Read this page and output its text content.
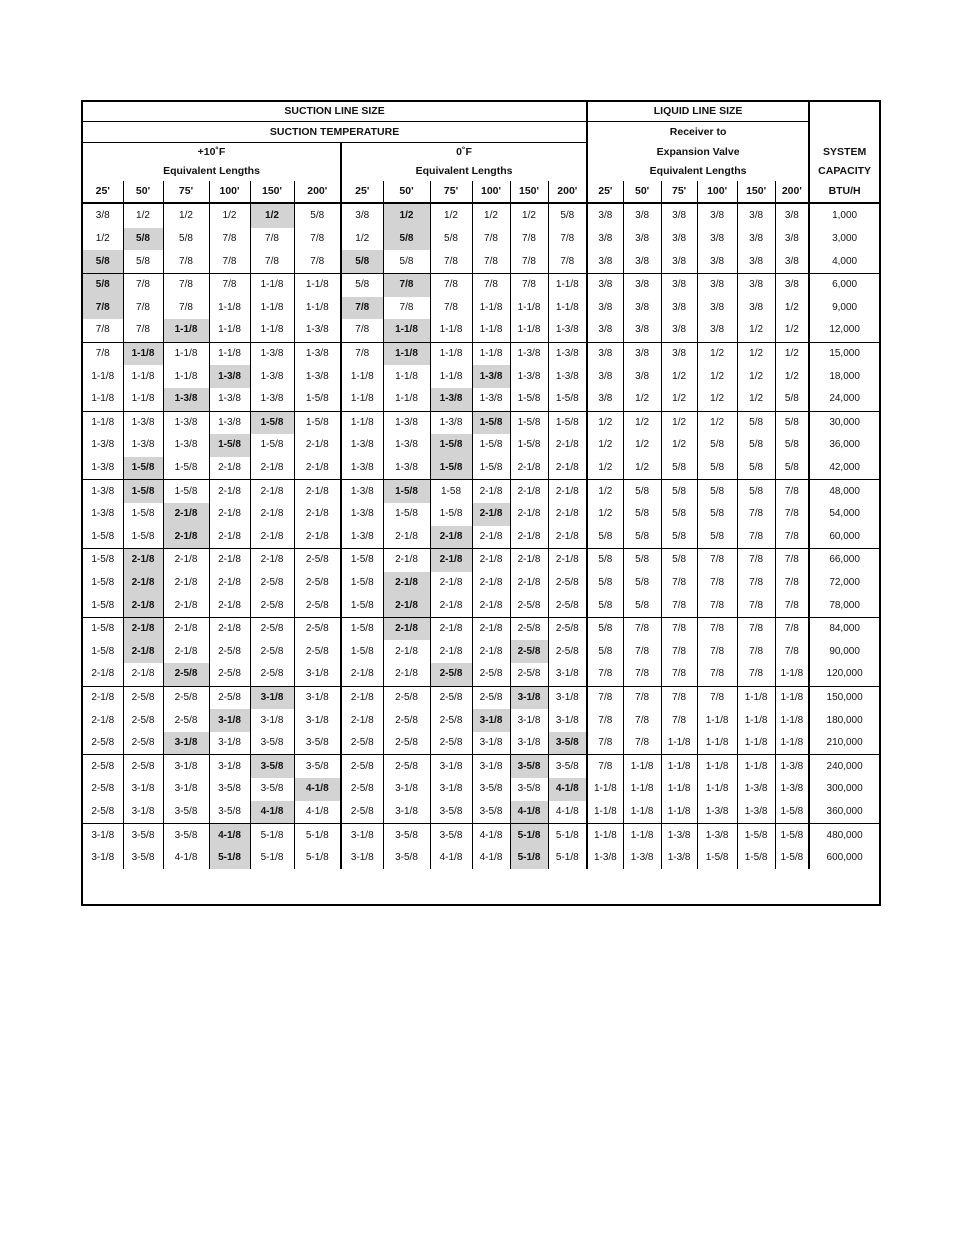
SUCTION LINE SIZE												LIQUID LINE SIZE						
SUCTION TEMPERATURE												Receiver to						
+10˚F						0˚F						Expansion Valve						SYSTEM
Equivalent Lengths						Equivalent Lengths						Equivalent Lengths						CAPACITY
25'	50'	75'	100'	150'	200'	25'	50'	75'	100'	150'	200'	25'	50'	75'	100'	150'	200'	BTU/H
3/8	1/2	1/2	1/2	1/2	5/8	3/8	1/2	1/2	1/2	1/2	5/8	3/8	3/8	3/8	3/8	3/8	3/8	1,000
1/2	5/8	5/8	7/8	7/8	7/8	1/2	5/8	5/8	7/8	7/8	7/8	3/8	3/8	3/8	3/8	3/8	3/8	3,000
5/8	5/8	7/8	7/8	7/8	7/8	5/8	5/8	7/8	7/8	7/8	7/8	3/8	3/8	3/8	3/8	3/8	3/8	4,000
5/8	7/8	7/8	7/8	1-1/8	1-1/8	5/8	7/8	7/8	7/8	7/8	1-1/8	3/8	3/8	3/8	3/8	3/8	3/8	6,000
7/8	7/8	7/8	1-1/8	1-1/8	1-1/8	7/8	7/8	7/8	1-1/8	1-1/8	1-1/8	3/8	3/8	3/8	3/8	3/8	1/2	9,000
7/8	7/8	1-1/8	1-1/8	1-1/8	1-3/8	7/8	1-1/8	1-1/8	1-1/8	1-1/8	1-3/8	3/8	3/8	3/8	3/8	1/2	1/2	12,000
7/8	1-1/8	1-1/8	1-1/8	1-3/8	1-3/8	7/8	1-1/8	1-1/8	1-1/8	1-3/8	1-3/8	3/8	3/8	3/8	1/2	1/2	1/2	15,000
1-1/8	1-1/8	1-1/8	1-3/8	1-3/8	1-3/8	1-1/8	1-1/8	1-1/8	1-3/8	1-3/8	1-3/8	3/8	3/8	1/2	1/2	1/2	1/2	18,000
1-1/8	1-1/8	1-3/8	1-3/8	1-3/8	1-5/8	1-1/8	1-1/8	1-3/8	1-3/8	1-5/8	1-5/8	3/8	1/2	1/2	1/2	1/2	5/8	24,000
1-1/8	1-3/8	1-3/8	1-3/8	1-5/8	1-5/8	1-1/8	1-3/8	1-3/8	1-5/8	1-5/8	1-5/8	1/2	1/2	1/2	1/2	5/8	5/8	30,000
1-3/8	1-3/8	1-3/8	1-5/8	1-5/8	2-1/8	1-3/8	1-3/8	1-5/8	1-5/8	1-5/8	2-1/8	1/2	1/2	1/2	5/8	5/8	5/8	36,000
1-3/8	1-5/8	1-5/8	2-1/8	2-1/8	2-1/8	1-3/8	1-3/8	1-5/8	1-5/8	2-1/8	2-1/8	1/2	1/2	5/8	5/8	5/8	5/8	42,000
1-3/8	1-5/8	1-5/8	2-1/8	2-1/8	2-1/8	1-3/8	1-5/8	1-58	2-1/8	2-1/8	2-1/8	1/2	5/8	5/8	5/8	5/8	7/8	48,000
1-3/8	1-5/8	2-1/8	2-1/8	2-1/8	2-1/8	1-3/8	1-5/8	1-5/8	2-1/8	2-1/8	2-1/8	1/2	5/8	5/8	5/8	7/8	7/8	54,000
1-5/8	1-5/8	2-1/8	2-1/8	2-1/8	2-1/8	1-3/8	2-1/8	2-1/8	2-1/8	2-1/8	2-1/8	5/8	5/8	5/8	5/8	7/8	7/8	60,000
1-5/8	2-1/8	2-1/8	2-1/8	2-1/8	2-5/8	1-5/8	2-1/8	2-1/8	2-1/8	2-1/8	2-1/8	5/8	5/8	5/8	7/8	7/8	7/8	66,000
1-5/8	2-1/8	2-1/8	2-1/8	2-5/8	2-5/8	1-5/8	2-1/8	2-1/8	2-1/8	2-1/8	2-5/8	5/8	5/8	7/8	7/8	7/8	7/8	72,000
1-5/8	2-1/8	2-1/8	2-1/8	2-5/8	2-5/8	1-5/8	2-1/8	2-1/8	2-1/8	2-5/8	2-5/8	5/8	5/8	7/8	7/8	7/8	7/8	78,000
1-5/8	2-1/8	2-1/8	2-1/8	2-5/8	2-5/8	1-5/8	2-1/8	2-1/8	2-1/8	2-5/8	2-5/8	5/8	7/8	7/8	7/8	7/8	7/8	84,000
1-5/8	2-1/8	2-1/8	2-5/8	2-5/8	2-5/8	1-5/8	2-1/8	2-1/8	2-1/8	2-5/8	2-5/8	5/8	7/8	7/8	7/8	7/8	7/8	90,000
2-1/8	2-1/8	2-5/8	2-5/8	2-5/8	3-1/8	2-1/8	2-1/8	2-5/8	2-5/8	2-5/8	3-1/8	7/8	7/8	7/8	7/8	7/8	1-1/8	120,000
2-1/8	2-5/8	2-5/8	2-5/8	3-1/8	3-1/8	2-1/8	2-5/8	2-5/8	2-5/8	3-1/8	3-1/8	7/8	7/8	7/8	7/8	1-1/8	1-1/8	150,000
2-1/8	2-5/8	2-5/8	3-1/8	3-1/8	3-1/8	2-1/8	2-5/8	2-5/8	3-1/8	3-1/8	3-1/8	7/8	7/8	7/8	1-1/8	1-1/8	1-1/8	180,000
2-5/8	2-5/8	3-1/8	3-1/8	3-5/8	3-5/8	2-5/8	2-5/8	2-5/8	3-1/8	3-1/8	3-5/8	7/8	7/8	1-1/8	1-1/8	1-1/8	1-1/8	210,000
2-5/8	2-5/8	3-1/8	3-1/8	3-5/8	3-5/8	2-5/8	2-5/8	3-1/8	3-1/8	3-5/8	3-5/8	7/8	1-1/8	1-1/8	1-1/8	1-1/8	1-3/8	240,000
2-5/8	3-1/8	3-1/8	3-5/8	3-5/8	4-1/8	2-5/8	3-1/8	3-1/8	3-5/8	3-5/8	4-1/8	1-1/8	1-1/8	1-1/8	1-1/8	1-3/8	1-3/8	300,000
2-5/8	3-1/8	3-5/8	3-5/8	4-1/8	4-1/8	2-5/8	3-1/8	3-5/8	3-5/8	4-1/8	4-1/8	1-1/8	1-1/8	1-1/8	1-3/8	1-3/8	1-5/8	360,000
3-1/8	3-5/8	3-5/8	4-1/8	5-1/8	5-1/8	3-1/8	3-5/8	3-5/8	4-1/8	5-1/8	5-1/8	1-1/8	1-1/8	1-3/8	1-3/8	1-5/8	1-5/8	480,000
3-1/8	3-5/8	4-1/8	5-1/8	5-1/8	5-1/8	3-1/8	3-5/8	4-1/8	4-1/8	5-1/8	5-1/8	1-3/8	1-3/8	1-3/8	1-5/8	1-5/8	1-5/8	600,000
